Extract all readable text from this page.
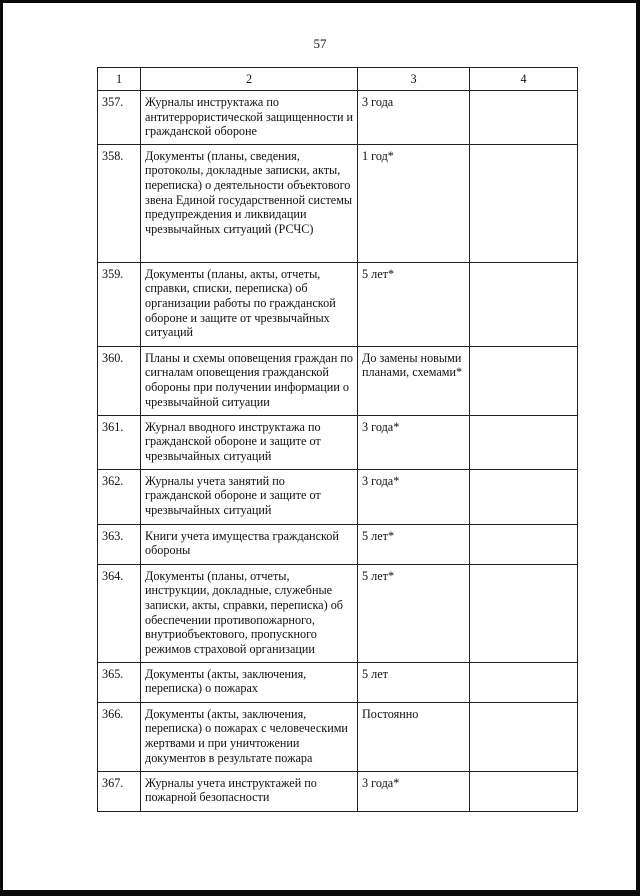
57
1	2	3	4
357.	Журналы инструктажа по антитеррористической защищенности и гражданской обороне	3 года	
358.	Документы (планы, сведения, протоколы, докладные записки, акты, переписка) о деятельности объектового звена Единой государственной системы предупреждения и ликвидации чрезвычайных ситуаций (РСЧС)	1 год*	
359.	Документы (планы, акты, отчеты, справки, списки, переписка) об организации работы по гражданской обороне и защите от чрезвычайных ситуаций	5 лет*	
360.	Планы и схемы оповещения граждан по сигналам оповещения гражданской обороны при получении информации о чрезвычайной ситуации	До замены новыми планами, схемами*	
361.	Журнал вводного инструктажа по гражданской обороне и защите от чрезвычайных ситуаций	3 года*	
362.	Журналы учета занятий по гражданской обороне и защите от чрезвычайных ситуаций	3 года*	
363.	Книги учета имущества гражданской обороны	5 лет*	
364.	Документы (планы, отчеты, инструкции, докладные, служебные записки, акты, справки, переписка) об обеспечении противопожарного, внутриобъектового, пропускного режимов страховой организации	5 лет*	
365.	Документы (акты, заключения, переписка) о пожарах	5 лет	
366.	Документы (акты, заключения, переписка) о пожарах с человеческими жертвами и при уничтожении документов в результате пожара	Постоянно	
367.	Журналы учета инструктажей по пожарной безопасности	3 года*	
